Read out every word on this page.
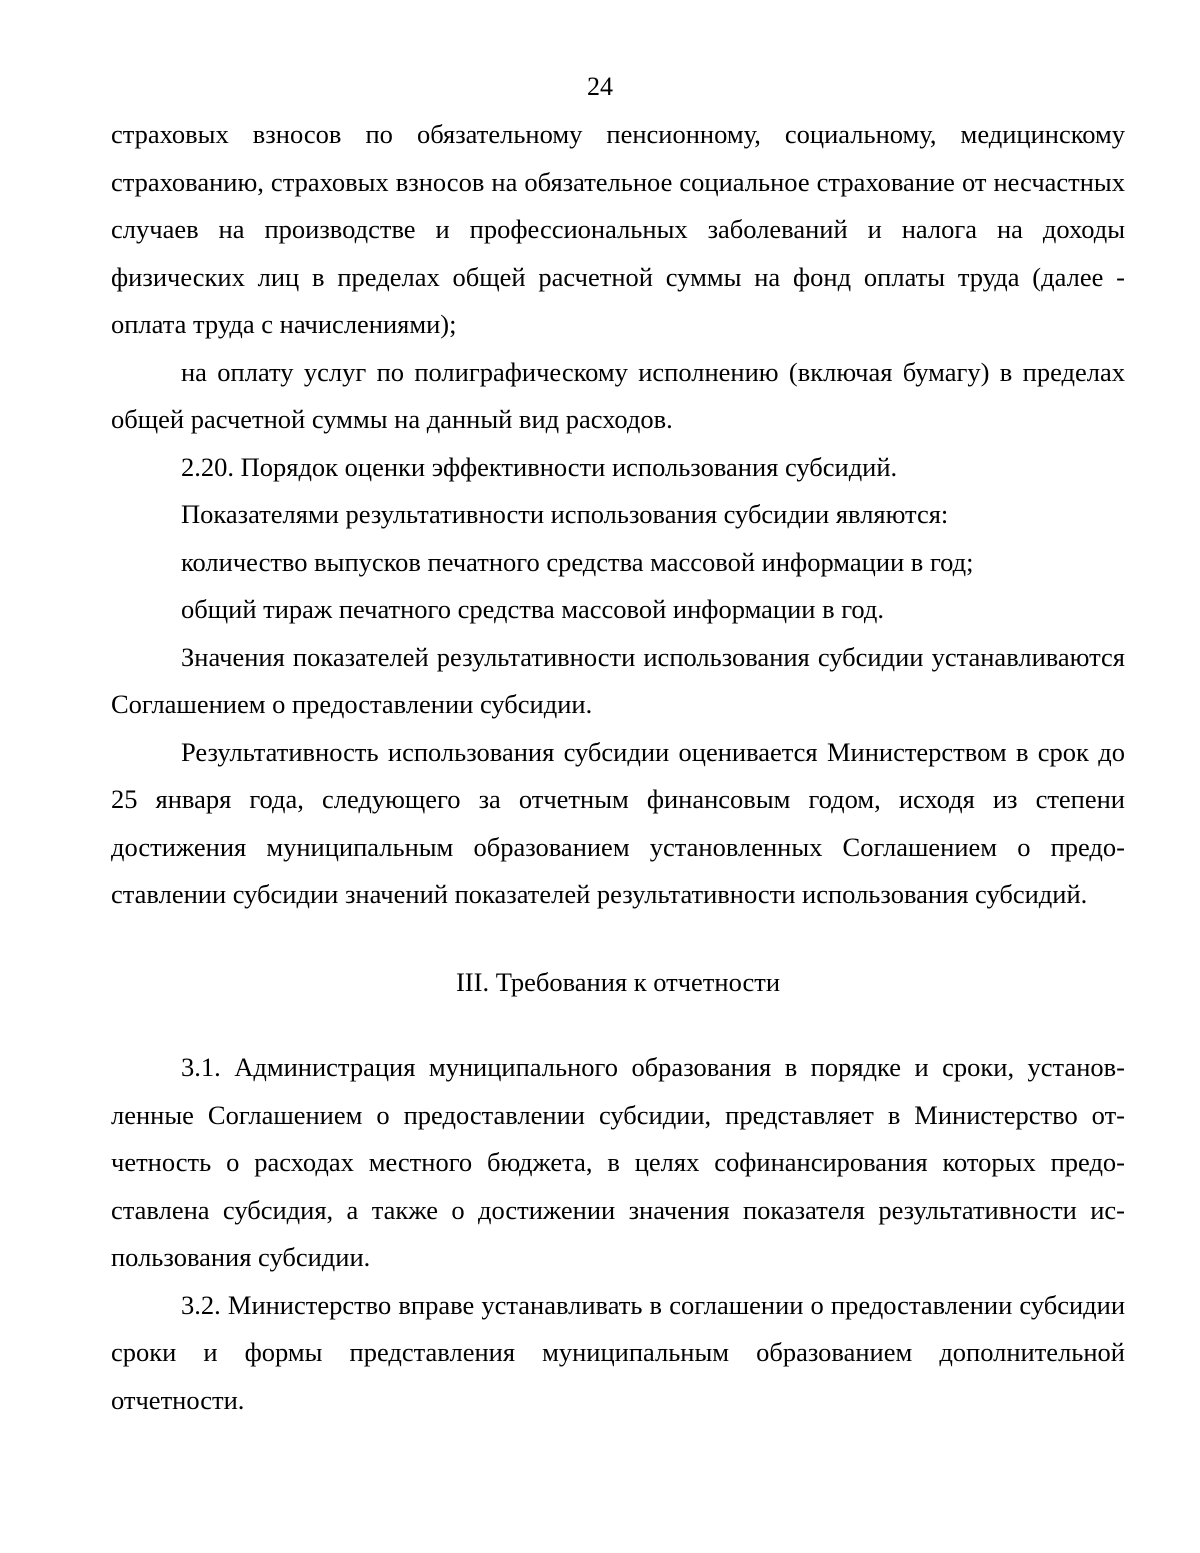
24

страховых взносов по обязательному пенсионному, социальному, медицинскому страхованию, страховых взносов на обязательное социальное страхование от несчастных случаев на производстве и профессиональных заболеваний и налога на доходы физических лиц в пределах общей расчетной суммы на фонд оплаты труда (далее - оплата труда с начислениями);

на оплату услуг по полиграфическому исполнению (включая бумагу) в пределах общей расчетной суммы на данный вид расходов.

2.20. Порядок оценки эффективности использования субсидий.

Показателями результативности использования субсидии являются:

количество выпусков печатного средства массовой информации в год;

общий тираж печатного средства массовой информации в год.

Значения показателей результативности использования субсидии устанавливаются Соглашением о предоставлении субсидии.

Результативность использования субсидии оценивается Министерством в срок до 25 января года, следующего за отчетным финансовым годом, исходя из степени достижения муниципальным образованием установленных Соглашением о предоставлении субсидии значений показателей результативности использования субсидий.

III. Требования к отчетности

3.1. Администрация муниципального образования в порядке и сроки, установленные Соглашением о предоставлении субсидии, представляет в Министерство отчетность о расходах местного бюджета, в целях софинансирования которых предоставлена субсидия, а также о достижении значения показателя результативности использования субсидии.

3.2. Министерство вправе устанавливать в соглашении о предоставлении субсидии сроки и формы представления муниципальным образованием дополнительной отчетности.
